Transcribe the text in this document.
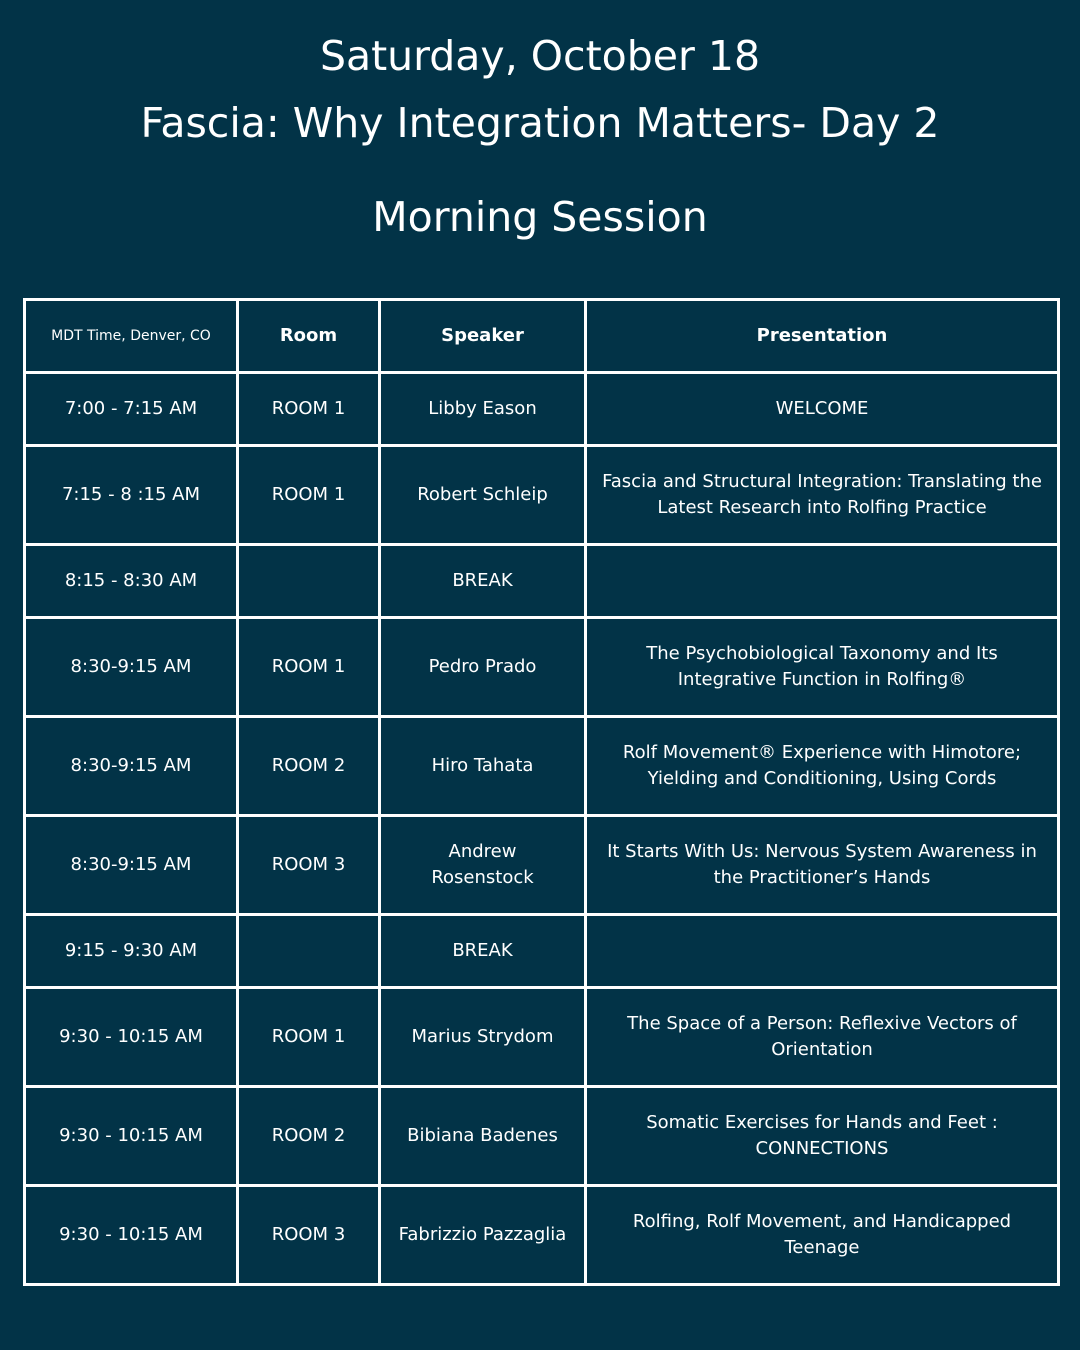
Saturday, October 18
Fascia: Why Integration Matters- Day 2
Morning Session
MDT Time, Denver, CO	Room	Speaker	Presentation
7:00 - 7:15 AM	ROOM 1	Libby Eason	WELCOME
7:15 - 8 :15 AM	ROOM 1	Robert Schleip	Fascia and Structural Integration: Translating the Latest Research into Rolfing Practice
8:15 - 8:30 AM		BREAK	
8:30-9:15 AM	ROOM 1	Pedro Prado	The Psychobiological Taxonomy and Its Integrative Function in Rolfing®
8:30-9:15 AM	ROOM 2	Hiro Tahata	Rolf Movement® Experience with Himotore; Yielding and Conditioning, Using Cords
8:30-9:15 AM	ROOM 3	Andrew Rosenstock	It Starts With Us: Nervous System Awareness in the Practitioner’s Hands
9:15 - 9:30 AM		BREAK	
9:30 - 10:15 AM	ROOM 1	Marius Strydom	The Space of a Person: Reflexive Vectors of Orientation
9:30 - 10:15 AM	ROOM 2	Bibiana Badenes	Somatic Exercises for Hands and Feet : CONNECTIONS
9:30 - 10:15 AM	ROOM 3	Fabrizzio Pazzaglia	Rolfing, Rolf Movement, and Handicapped Teenage
